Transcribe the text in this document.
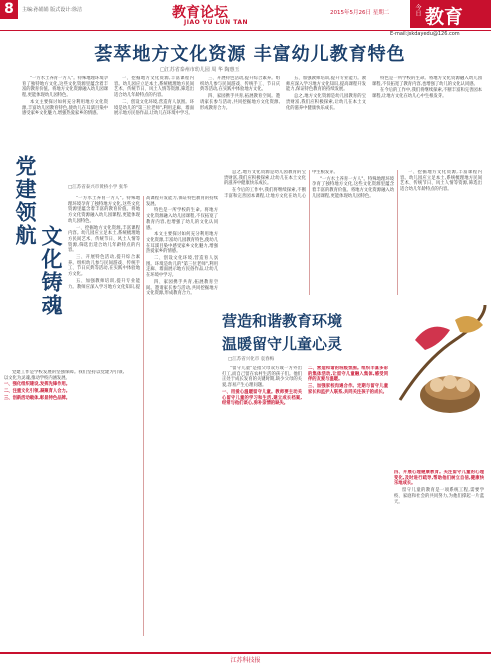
8	主编:孙娟娟 版式设计:徐洁	教育论坛
JIAO YU LUN TAN
2015年5月26日 星期二	今日 教育
E-mail:jskdayedu@126.com
荟萃地方文化资源 丰富幼儿教育特色
□江苏省泰州市幼儿园 周 华 陶惠玉

"一方水土养育一方人"。特殊地理环境孕育了独特地方文化,这些文化资源里蕴含着丰富的教育价值。将地方文化资源融入幼儿园课程,更能体现幼儿园特色。

本文主要探讨如何充分利用地方文化资源,丰富幼儿园教育特色,使幼儿在耳濡目染中感受家乡文化魅力,增强热爱家乡的情感。

一、挖掘地方文化资源,丰富课程内容。幼儿园应立足本土,系统梳理地方民间艺术、传统节日、风土人情等资源,筛选出适合幼儿年龄特点的内容。

二、创设文化环境,营造育人氛围。环境是幼儿的"第三位老师",利用走廊、墙面展示地方民俗作品,让幼儿在环境中学习。

三、开展特色活动,提升综合素养。组织幼儿参与民间游戏、传统手工、节日庆典等活动,在实践中体验地方文化。

四、家园携手共育,拓展教育空间。邀请家长参与活动,共同挖掘地方文化资源,形成教育合力。

五、加强教师培训,提升专业能力。教师应深入学习地方文化知识,提高课程开发能力,保证特色教育的持续发展。

总之,地方文化资源是幼儿园教育的宝贵财富,我们应积极探索,让幼儿在本土文化的滋养中健康快乐成长。

特色是一所学校的生命。将地方文化资源融入幼儿园课程,不仅拓宽了教育内容,也增强了幼儿的文化认同感。

在今后的工作中,我们将继续探索,不断丰富和完善园本课程,让地方文化在幼儿心中生根发芽。

党建领航
文化铸魂
□江苏省泰兴市黄桥小学 张华

党建工作是学校发展的坚强保障。我们坚持以党建为引领,以文化为灵魂,推动学校内涵发展。

一、强化组织建设,发挥先锋作用。

二、注重文化引领,凝聚育人合力。

三、创新活动载体,彰显特色品牌。

"一方水土养育一方人"。特殊地理环境孕育了独特地方文化,这些文化资源里蕴含着丰富的教育价值。将地方文化资源融入幼儿园课程,更能体现幼儿园特色。

一、挖掘地方文化资源,丰富课程内容。幼儿园应立足本土,系统梳理地方民间艺术、传统节日、风土人情等资源,筛选出适合幼儿年龄特点的内容。

三、开展特色活动,提升综合素养。组织幼儿参与民间游戏、传统手工、节日庆典等活动,在实践中体验地方文化。

五、加强教师培训,提升专业能力。教师应深入学习地方文化知识,提高课程开发能力,保证特色教育的持续发展。

特色是一所学校的生命。将地方文化资源融入幼儿园课程,不仅拓宽了教育内容,也增强了幼儿的文化认同感。

本文主要探讨如何充分利用地方文化资源,丰富幼儿园教育特色,使幼儿在耳濡目染中感受家乡文化魅力,增强热爱家乡的情感。

二、创设文化环境,营造育人氛围。环境是幼儿的"第三位老师",利用走廊、墙面展示地方民俗作品,让幼儿在环境中学习。

四、家园携手共育,拓展教育空间。邀请家长参与活动,共同挖掘地方文化资源,形成教育合力。

总之,地方文化资源是幼儿园教育的宝贵财富,我们应积极探索,让幼儿在本土文化的滋养中健康快乐成长。

在今后的工作中,我们将继续探索,不断丰富和完善园本课程,让地方文化在幼儿心中生根发芽。

"一方水土养育一方人"。特殊地理环境孕育了独特地方文化,这些文化资源里蕴含着丰富的教育价值。将地方文化资源融入幼儿园课程,更能体现幼儿园特色。

一、挖掘地方文化资源,丰富课程内容。幼儿园应立足本土,系统梳理地方民间艺术、传统节日、风土人情等资源,筛选出适合幼儿年龄特点的内容。

营造和谐教育环境
温暖留守儿童心灵
□江苏省兴化市 袁春梅

"留守儿童"是指父母双方或一方外出打工,而自己留在农村生活的孩子们。他们正处于成长发育的关键时期,缺少父母的关爱,容易产生心理问题。

一、用爱心温暖留守儿童。教师要主动关心留守儿童的学习和生活,建立成长档案,经常与他们谈心,弥补亲情的缺失。

二、营造和谐的班级氛围。组织丰富多彩的集体活动,让留守儿童融入集体,感受同伴的友爱与温暖。

三、加强家校沟通合作。定期与留守儿童家长和监护人联系,共同关注孩子的成长。

四、开展心理健康教育。关注留守儿童的心理变化,及时进行疏导,帮助他们树立自信,健康快乐地成长。

留守儿童的教育是一项系统工程,需要学校、家庭和社会的共同努力,为他们撑起一片蓝天。

江苏科技报
